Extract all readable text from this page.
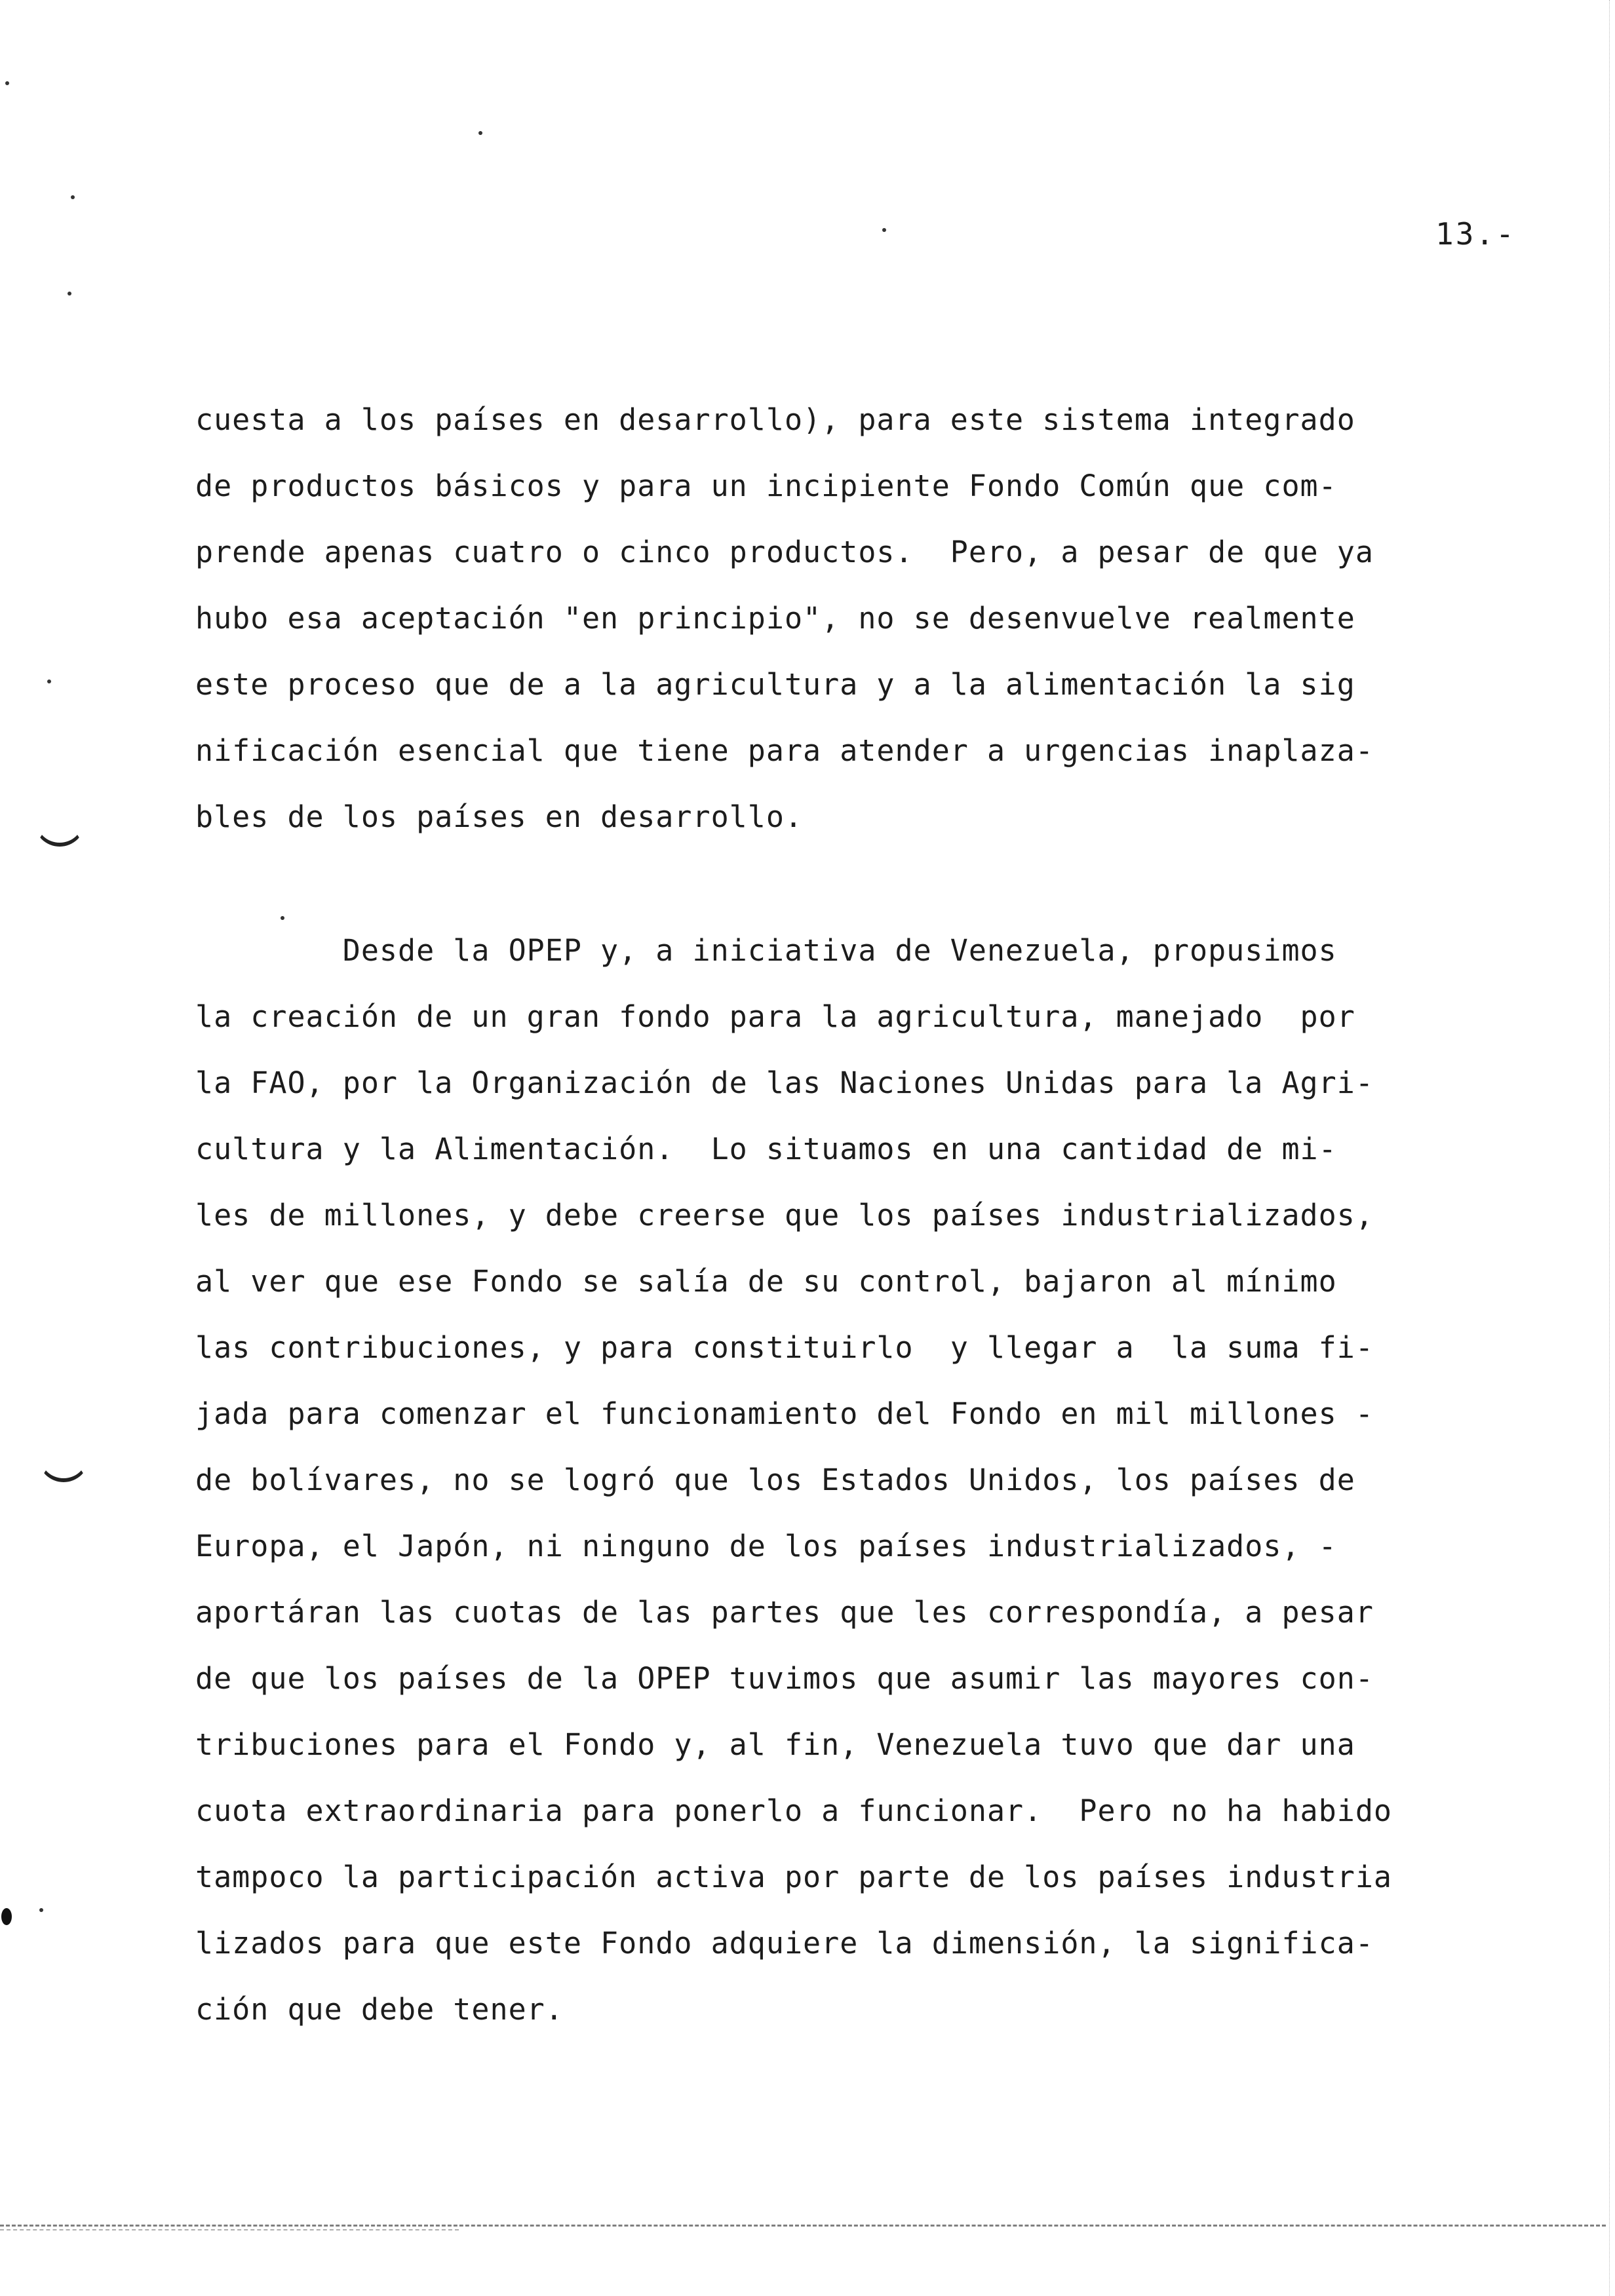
13.-
cuesta a los países en desarrollo), para este sistema integrado
de productos básicos y para un incipiente Fondo Común que com-
prende apenas cuatro o cinco productos.  Pero, a pesar de que ya
hubo esa aceptación "en principio", no se desenvuelve realmente
este proceso que de a la agricultura y a la alimentación la sig
nificación esencial que tiene para atender a urgencias inaplaza-
bles de los países en desarrollo.
Desde la OPEP y, a iniciativa de Venezuela, propusimos
la creación de un gran fondo para la agricultura, manejado  por
la FAO, por la Organización de las Naciones Unidas para la Agri-
cultura y la Alimentación.  Lo situamos en una cantidad de mi-
les de millones, y debe creerse que los países industrializados,
al ver que ese Fondo se salía de su control, bajaron al mínimo
las contribuciones, y para constituirlo  y llegar a  la suma fi-
jada para comenzar el funcionamiento del Fondo en mil millones -
de bolívares, no se logró que los Estados Unidos, los países de
Europa, el Japón, ni ninguno de los países industrializados, -
aportáran las cuotas de las partes que les correspondía, a pesar
de que los países de la OPEP tuvimos que asumir las mayores con-
tribuciones para el Fondo y, al fin, Venezuela tuvo que dar una
cuota extraordinaria para ponerlo a funcionar.  Pero no ha habido
tampoco la participación activa por parte de los países industria
lizados para que este Fondo adquiere la dimensión, la significa-
ción que debe tener.
